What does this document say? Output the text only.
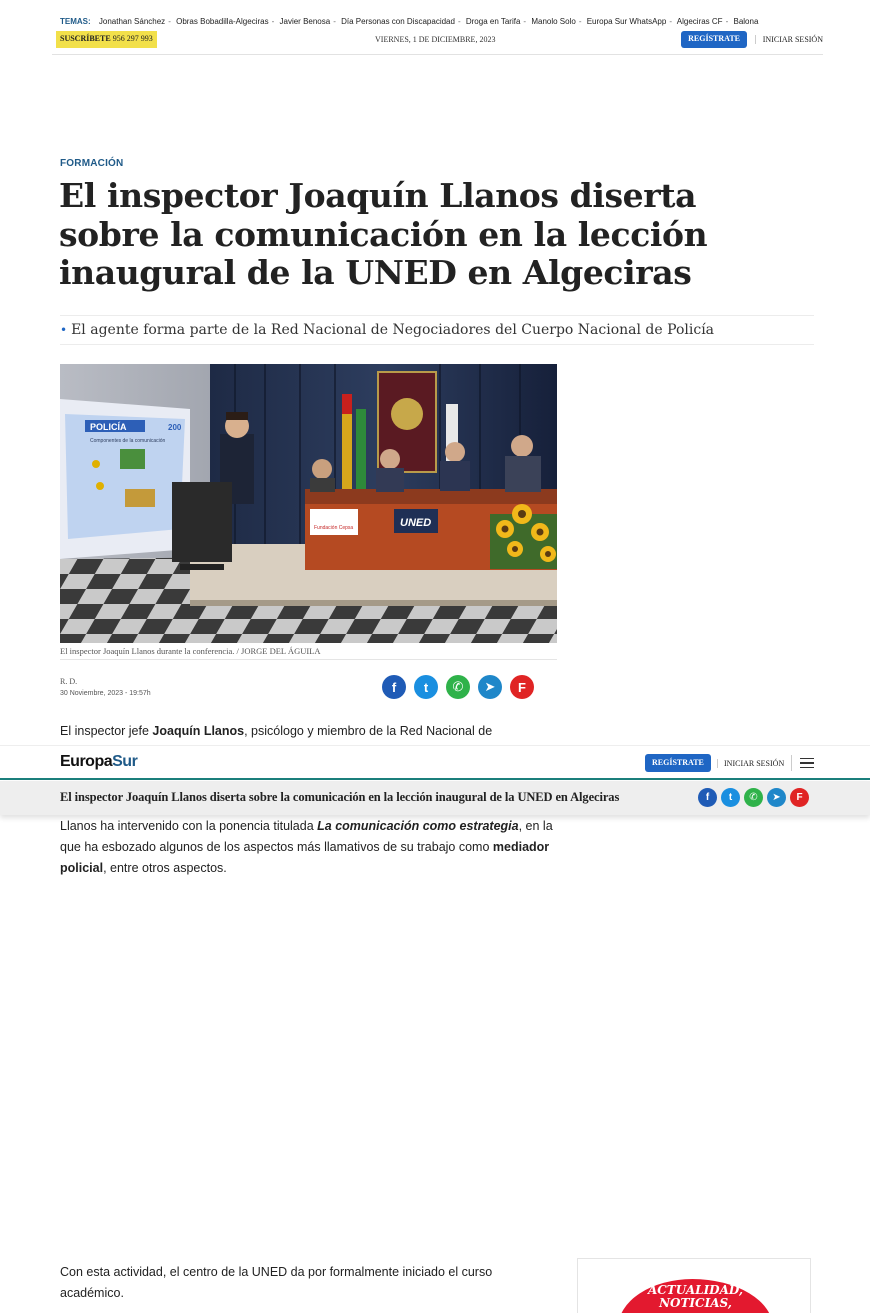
TEMAS: Jonathan Sánchez - Obras Bobadilla-Algeciras - Javier Benosa - Día Personas con Discapacidad - Droga en Tarifa - Manolo Solo - Europa Sur WhatsApp - Algeciras CF - Balona
SUSCRÍBETE 956 297 993	VIERNES, 1 DE DICIEMBRE, 2023	REGÍSTRATE	INICIAR SESIÓN
FORMACIÓN
El inspector Joaquín Llanos diserta sobre la comunicación en la lección inaugural de la UNED en Algeciras
• El agente forma parte de la Red Nacional de Negociadores del Cuerpo Nacional de Policía
POLICÍA	200
Componentes de la comunicación
Fundación Cepsa	UNED
El inspector Joaquín Llanos durante la conferencia. / JORGE DEL ÁGUILA
R. D.
30 Noviembre, 2023 - 19:57h	f	t	✆	➤	F

El inspector jefe Joaquín Llanos, psicólogo y miembro de la Red Nacional de

Llanos ha intervenido con la ponencia titulada La comunicación como estrategia, en la que ha esbozado algunos de los aspectos más llamativos de su trabajo como mediador policial, entre otros aspectos.

Con esta actividad, el centro de la UNED da por formalmente iniciado el curso académico.

EuropaSur	REGÍSTRATE	INICIAR SESIÓN
El inspector Joaquín Llanos diserta sobre la comunicación en la lección inaugural de la UNED en Algeciras	f	t	✆	➤	F
ACTUALIDAD,
NOTICIAS,
